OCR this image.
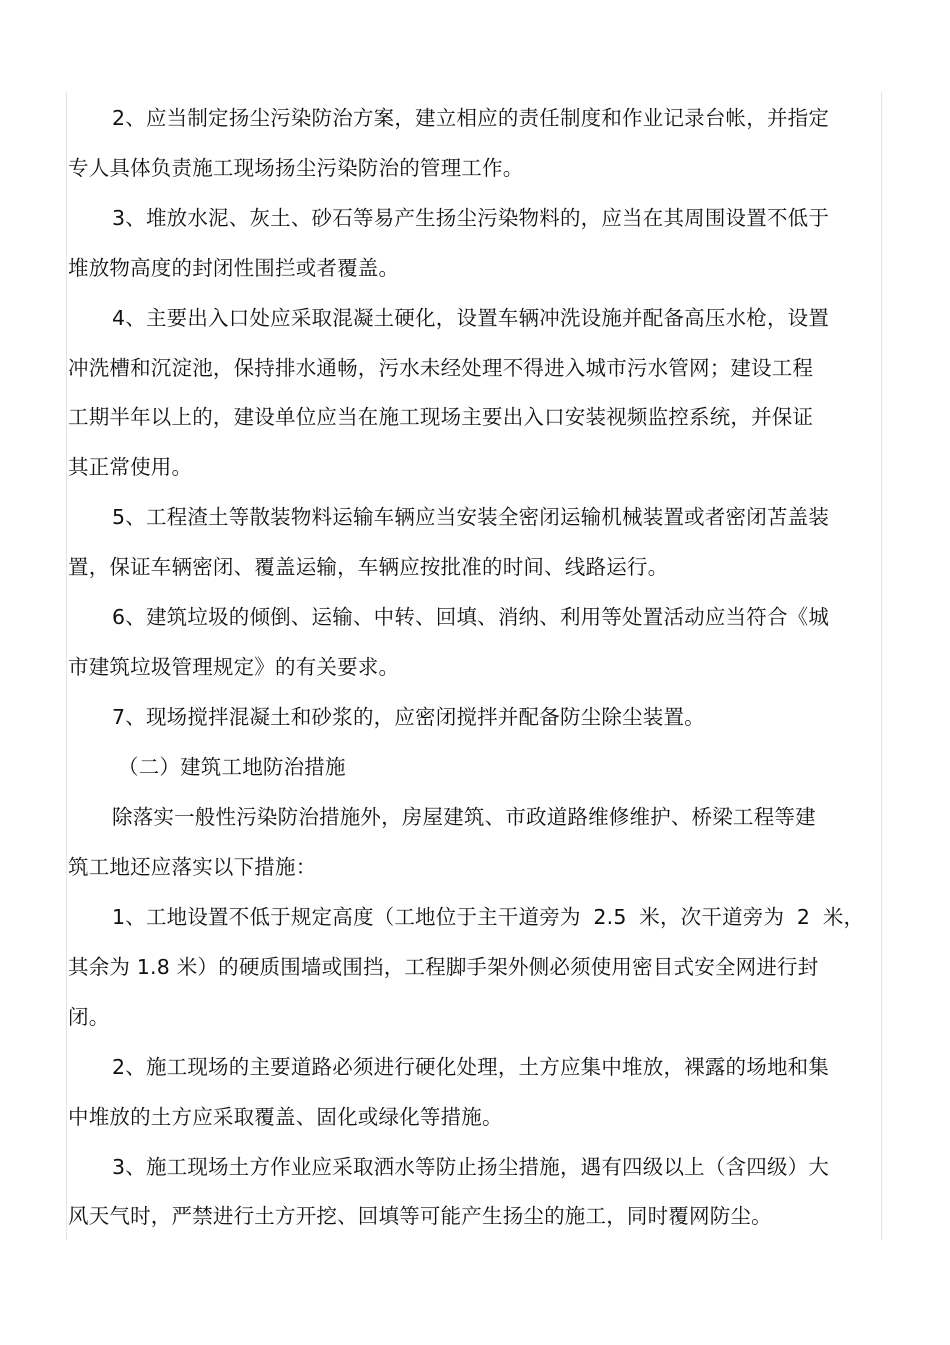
2、应当制定扬尘污染防治方案，建立相应的责任制度和作业记录台帐，并指定
专人具体负责施工现场扬尘污染防治的管理工作。
3、堆放水泥、灰土、砂石等易产生扬尘污染物料的，应当在其周围设置不低于
堆放物高度的封闭性围拦或者覆盖。
4、主要出入口处应采取混凝土硬化，设置车辆冲洗设施并配备高压水枪，设置
冲洗槽和沉淀池，保持排水通畅，污水未经处理不得进入城市污水管网；建设工程
工期半年以上的，建设单位应当在施工现场主要出入口安装视频监控系统，并保证
其正常使用。
5、工程渣土等散装物料运输车辆应当安装全密闭运输机械装置或者密闭苫盖装
置，保证车辆密闭、覆盖运输，车辆应按批准的时间、线路运行。
6、建筑垃圾的倾倒、运输、中转、回填、消纳、利用等处置活动应当符合《城
市建筑垃圾管理规定》的有关要求。
7、现场搅拌混凝土和砂浆的，应密闭搅拌并配备防尘除尘装置。
（二）建筑工地防治措施
除落实一般性污染防治措施外，房屋建筑、市政道路维修维护、桥梁工程等建
筑工地还应落实以下措施：
1、工地设置不低于规定高度（工地位于主干道旁为 2.5 米，次干道旁为 2 米，
其余为 1.8 米）的硬质围墙或围挡，工程脚手架外侧必须使用密目式安全网进行封
闭。
2、施工现场的主要道路必须进行硬化处理，土方应集中堆放，裸露的场地和集
中堆放的土方应采取覆盖、固化或绿化等措施。
3、施工现场土方作业应采取洒水等防止扬尘措施，遇有四级以上（含四级）大
风天气时，严禁进行土方开挖、回填等可能产生扬尘的施工，同时覆网防尘。
